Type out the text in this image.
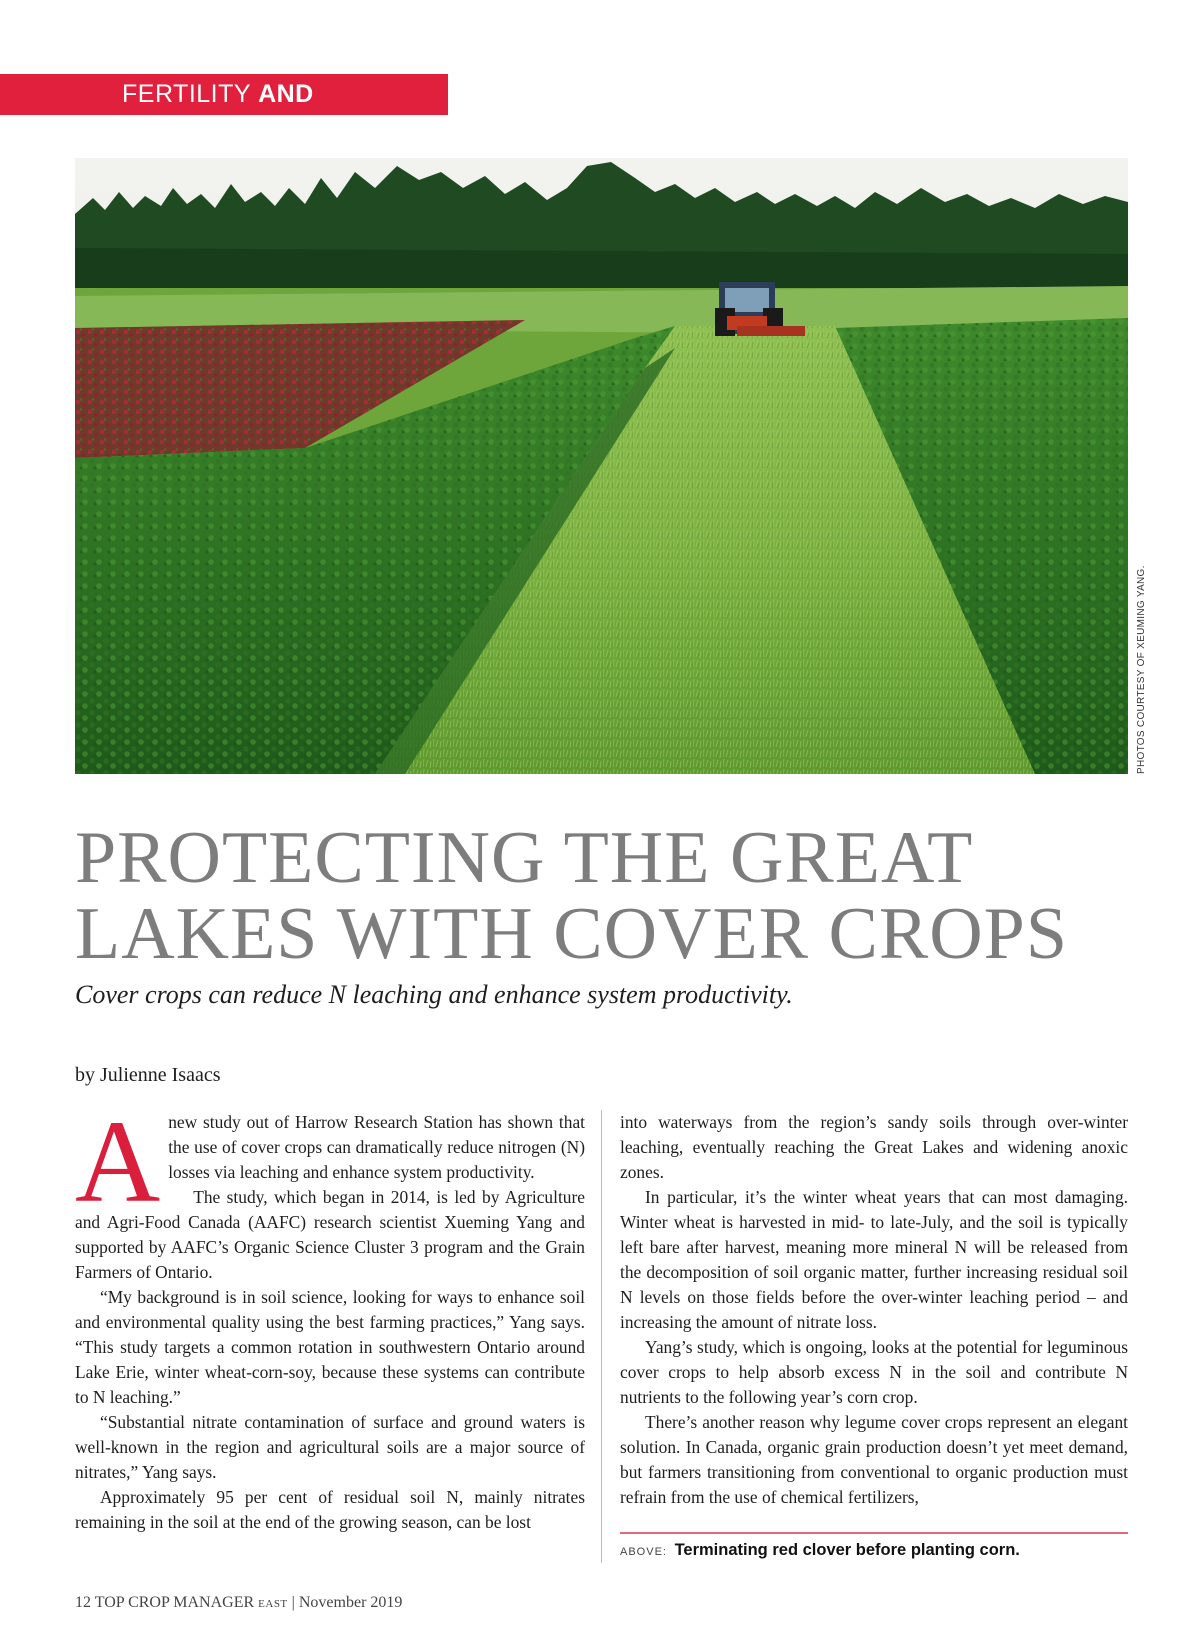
FERTILITY AND NUTRIENTS
PHOTOS COURTESY OF XEUMING YANG.
PROTECTING THE GREAT
LAKES WITH COVER CROPS
Cover crops can reduce N leaching and enhance system productivity.
by Julienne Isaacs

A new study out of Harrow Research Station has shown that the use of cover crops can dramatically reduce nitrogen (N) losses via leaching and enhance system productivity.

The study, which began in 2014, is led by Agriculture and Agri-Food Canada (AAFC) research scientist Xueming Yang and supported by AAFC’s Organic Science Cluster 3 program and the Grain Farmers of Ontario.

“My background is in soil science, looking for ways to enhance soil and environmental quality using the best farming practices,” Yang says. “This study targets a common rotation in southwestern Ontario around Lake Erie, winter wheat-corn-soy, because these systems can contribute to N leaching.”

“Substantial nitrate contamination of surface and ground waters is well-known in the region and agricultural soils are a major source of nitrates,” Yang says.

Approximately 95 per cent of residual soil N, mainly nitrates remaining in the soil at the end of the growing season, can be lost

into waterways from the region’s sandy soils through over-winter leaching, eventually reaching the Great Lakes and widening anoxic zones.

In particular, it’s the winter wheat years that can most damaging. Winter wheat is harvested in mid- to late-July, and the soil is typically left bare after harvest, meaning more mineral N will be released from the decomposition of soil organic matter, further increasing residual soil N levels on those fields before the over-winter leaching period – and increasing the amount of nitrate loss.

Yang’s study, which is ongoing, looks at the potential for leguminous cover crops to help absorb excess N in the soil and contribute N nutrients to the following year’s corn crop.

There’s another reason why legume cover crops represent an elegant solution. In Canada, organic grain production doesn’t yet meet demand, but farmers transitioning from conventional to organic production must refrain from the use of chemical fertilizers,

ABOVE: Terminating red clover before planting corn.
12 TOP CROP MANAGER EAST | November 2019
